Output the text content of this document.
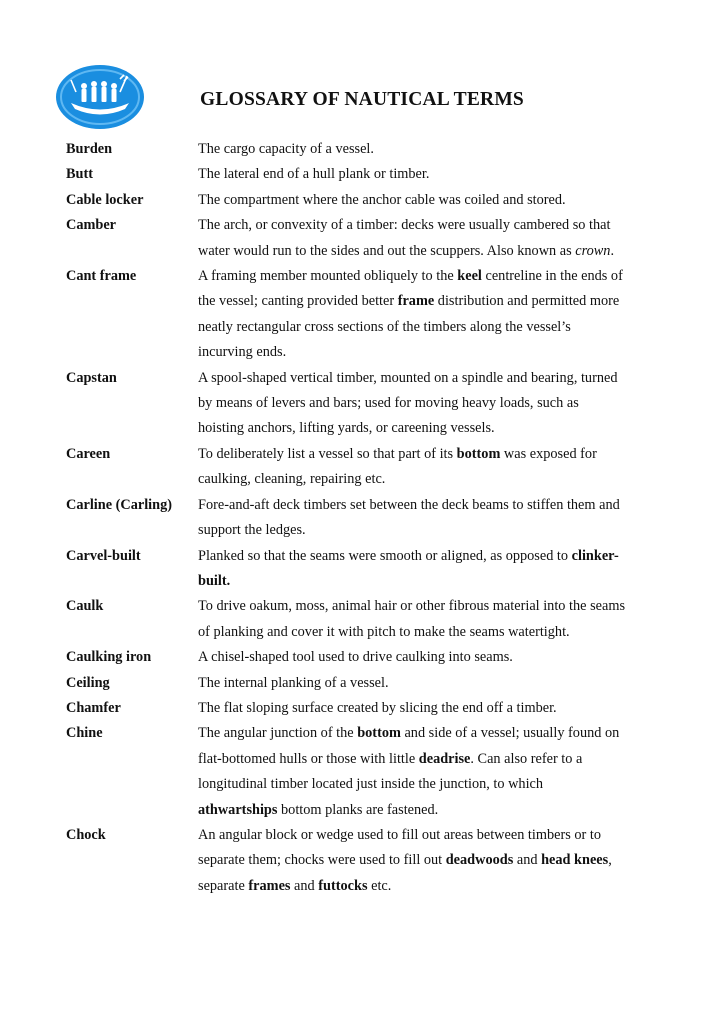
GLOSSARY OF NAUTICAL TERMS
Burden	The cargo capacity of a vessel.
Butt	The lateral end of a hull plank or timber.
Cable locker	The compartment where the anchor cable was coiled and stored.
Camber	The arch, or convexity of a timber: decks were usually cambered so that water would run to the sides and out the scuppers. Also known as crown.
Cant frame	A framing member mounted obliquely to the keel centreline in the ends of the vessel; canting provided better frame distribution and permitted more neatly rectangular cross sections of the timbers along the vessel’s incurving ends.
Capstan	A spool-shaped vertical timber, mounted on a spindle and bearing, turned by means of levers and bars; used for moving heavy loads, such as hoisting anchors, lifting yards, or careening vessels.
Careen	To deliberately list a vessel so that part of its bottom was exposed for caulking, cleaning, repairing etc.
Carline (Carling)	Fore-and-aft deck timbers set between the deck beams to stiffen them and support the ledges.
Carvel-built	Planked so that the seams were smooth or aligned, as opposed to clinker-built.
Caulk	To drive oakum, moss, animal hair or other fibrous material into the seams of planking and cover it with pitch to make the seams watertight.
Caulking iron	A chisel-shaped tool used to drive caulking into seams.
Ceiling	The internal planking of a vessel.
Chamfer	The flat sloping surface created by slicing the end off a timber.
Chine	The angular junction of the bottom and side of a vessel; usually found on flat-bottomed hulls or those with little deadrise. Can also refer to a longitudinal timber located just inside the junction, to which athwartships bottom planks are fastened.
Chock	An angular block or wedge used to fill out areas between timbers or to separate them; chocks were used to fill out deadwoods and head knees, separate frames and futtocks etc.
